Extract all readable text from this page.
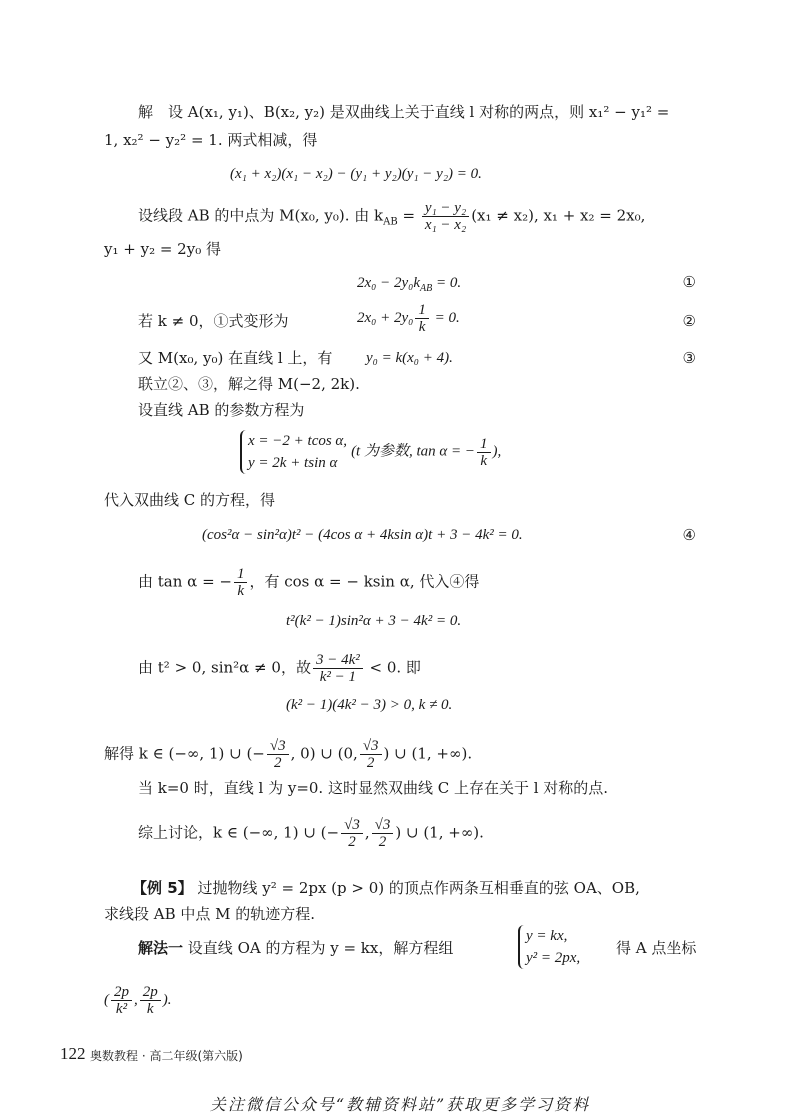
解　设 A(x₁, y₁)、B(x₂, y₂) 是双曲线上关于直线 l 对称的两点，则 x₁² − y₁² =
1, x₂² − y₂² = 1. 两式相减，得
(x₁ + x₂)(x₁ − x₂) − (y₁ + y₂)(y₁ − y₂) = 0.
设线段 AB 的中点为 M(x₀, y₀). 由 $k_{AB} = \frac{\text{y₁ − y₂}}{\text{x₁ − x₂}} (x_1 \ne x_2)$, x₁ + x₂ = 2x₀,
y₁ + y₂ = 2y₀ 得
$2x_0 - 2y_0k_{AB} = 0$.	①
若 k ≠ 0，①式变形为	$2x_0 + 2y_0 \frac{1}{k} = 0$.	②
又 M(x₀, y₀) 在直线 l 上，有 y₀ = k(x₀ + 4).	③
联立②、③，解之得 M(−2, 2k).
设直线 AB 的参数方程为
x = −2 + tcos α,
y = 2k + tsin α
(t 为参数, tan α = − $\frac{1}{k}$ ),
代入双曲线 C 的方程，得
(cos²α − sin²α)t² − (4cos α + 4ksin α)t + 3 − 4k² = 0.	④
由 tan α = − $\frac{1}{k}$ ，有 cos α = − ksin α, 代入④得
t²(k² − 1)sin²α + 3 − 4k² = 0.
由 t² > 0, sin²α ≠ 0，故 $\frac{\text{3 − 4k²}}{\text{k² − 1}} < 0$. 即
(k² − 1)(4k² − 3) > 0, k ≠ 0.
解得 k ∈ (−∞, 1) ∪ (− $\frac{√3}{2}$ , 0) ∪ (0, $\frac{√3}{2}$ ) ∪ (1, +∞).
当 k=0 时，直线 l 为 y=0. 这时显然双曲线 C 上存在关于 l 对称的点.
综上讨论，k ∈ (−∞, 1) ∪ (− $\frac{√3}{2}$ , $\frac{√3}{2}$ ) ∪ (1, +∞).
【例 5】 过抛物线 y² = 2px (p > 0) 的顶点作两条互相垂直的弦 OA、OB,
求线段 AB 中点 M 的轨迹方程.
解法一 设直线 OA 的方程为 y = kx，解方程组
y = kx,
y² = 2px,
得 A 点坐标
( $\frac{2p}{\text{k²}}$ , $\frac{2p}{k}$ ).
122 奥数教程 · 高二年级(第六版)
关注微信公众号“教辅资料站”获取更多学习资料
